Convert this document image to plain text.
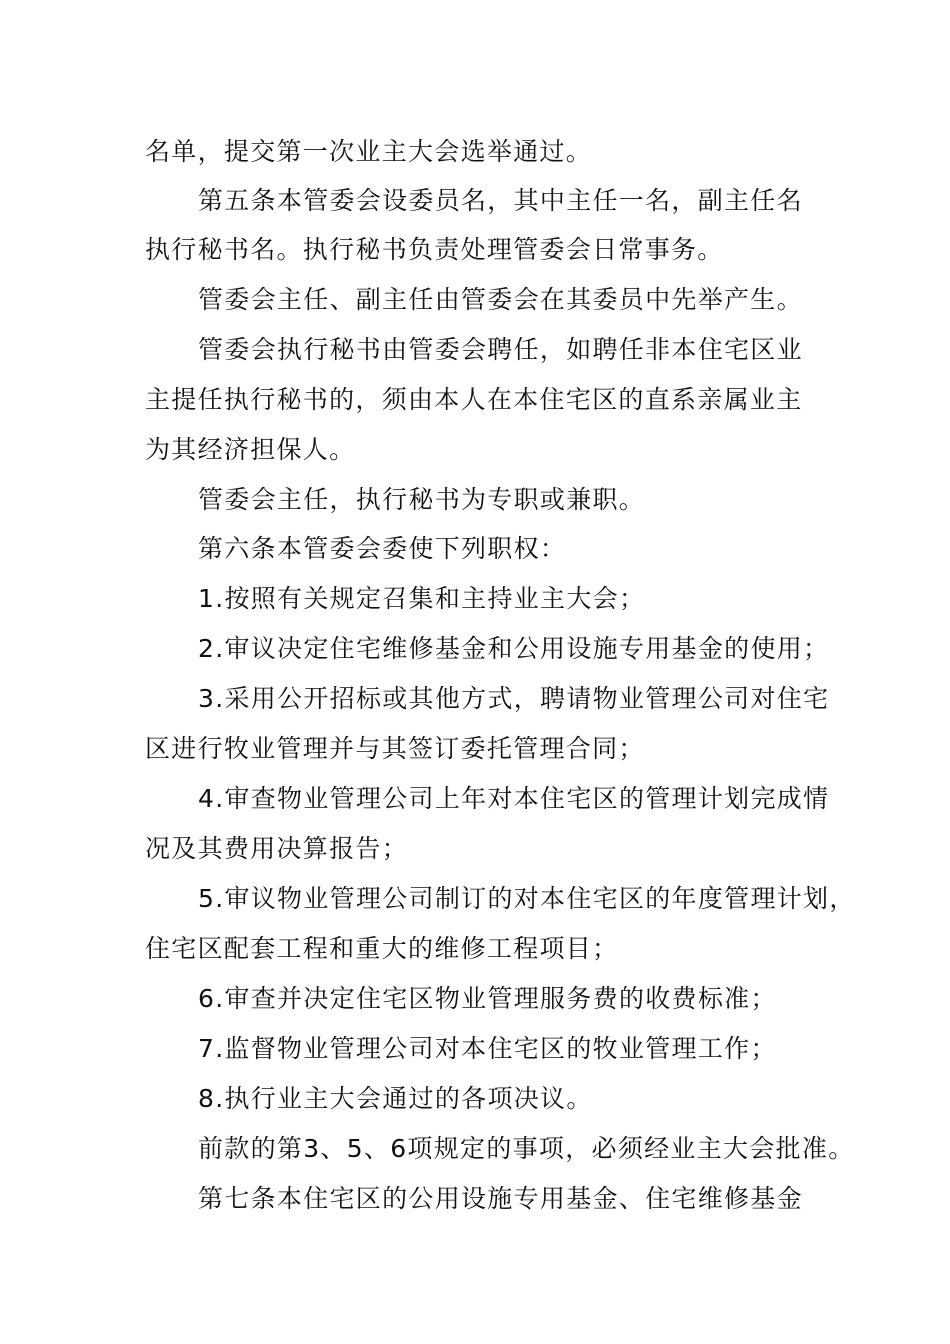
名单，提交第一次业主大会选举通过。
第五条本管委会设委员名，其中主任一名，副主任名
执行秘书名。执行秘书负责处理管委会日常事务。
管委会主任、副主任由管委会在其委员中先举产生。
管委会执行秘书由管委会聘任，如聘任非本住宅区业
主提任执行秘书的，须由本人在本住宅区的直系亲属业主
为其经济担保人。
管委会主任，执行秘书为专职或兼职。
第六条本管委会委使下列职权：
1.按照有关规定召集和主持业主大会；
2.审议决定住宅维修基金和公用设施专用基金的使用；
3.采用公开招标或其他方式，聘请物业管理公司对住宅
区进行牧业管理并与其签订委托管理合同；
4.审查物业管理公司上年对本住宅区的管理计划完成情
况及其费用决算报告；
5.审议物业管理公司制订的对本住宅区的年度管理计划，
住宅区配套工程和重大的维修工程项目；
6.审查并决定住宅区物业管理服务费的收费标准；
7.监督物业管理公司对本住宅区的牧业管理工作；
8.执行业主大会通过的各项决议。
前款的第3、5、6项规定的事项，必须经业主大会批准。
第七条本住宅区的公用设施专用基金、住宅维修基金
